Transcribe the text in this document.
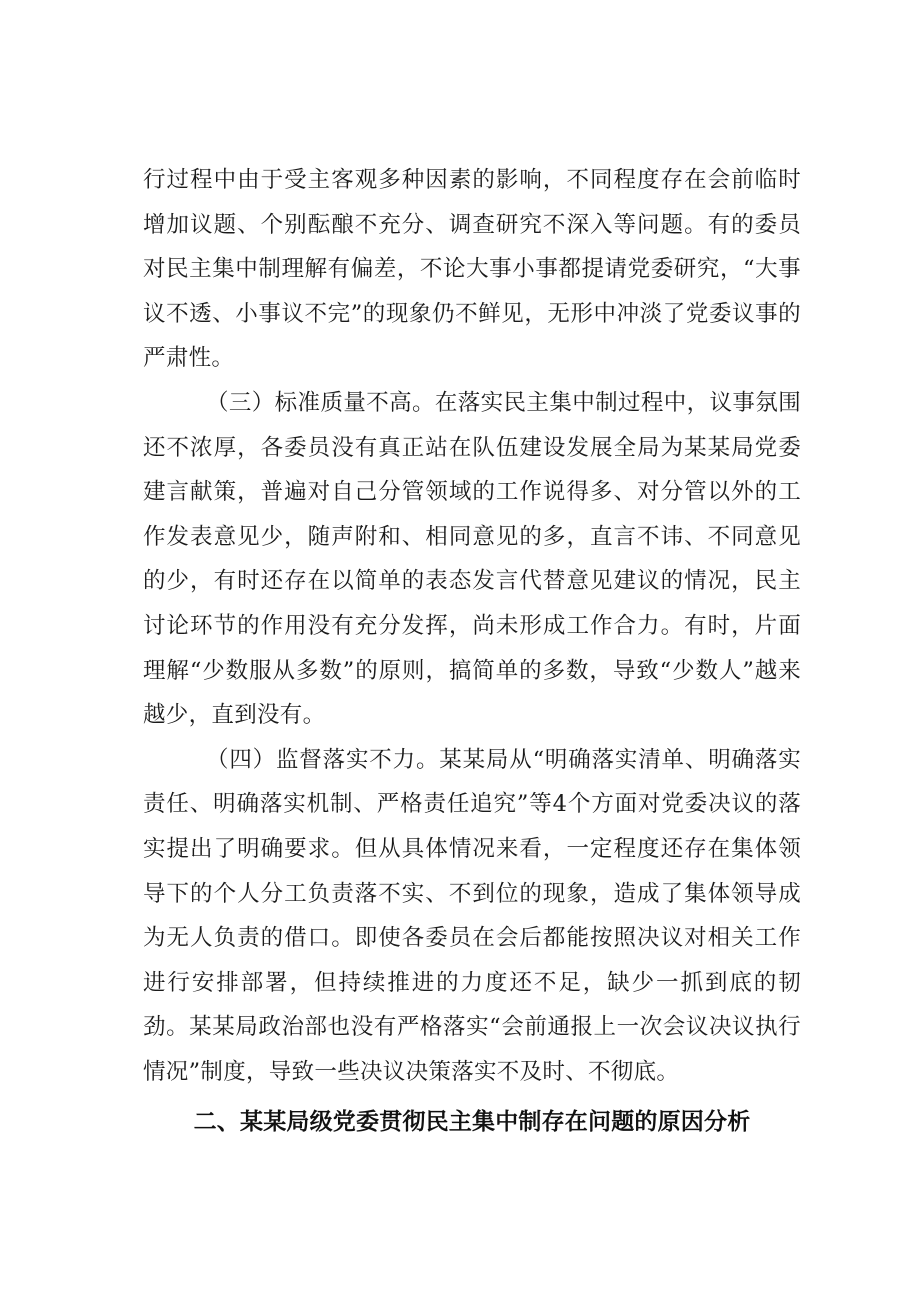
行过程中由于受主客观多种因素的影响，不同程度存在会前临时增加议题、个别酝酿不充分、调查研究不深入等问题。有的委员对民主集中制理解有偏差，不论大事小事都提请党委研究，“大事议不透、小事议不完”的现象仍不鲜见，无形中冲淡了党委议事的严肃性。

（三）标准质量不高。在落实民主集中制过程中，议事氛围还不浓厚，各委员没有真正站在队伍建设发展全局为某某局党委建言献策，普遍对自己分管领域的工作说得多、对分管以外的工作发表意见少，随声附和、相同意见的多，直言不讳、不同意见的少，有时还存在以简单的表态发言代替意见建议的情况，民主讨论环节的作用没有充分发挥，尚未形成工作合力。有时，片面理解“少数服从多数”的原则，搞简单的多数，导致“少数人”越来越少，直到没有。

（四）监督落实不力。某某局从“明确落实清单、明确落实责任、明确落实机制、严格责任追究”等4个方面对党委决议的落实提出了明确要求。但从具体情况来看，一定程度还存在集体领导下的个人分工负责落不实、不到位的现象，造成了集体领导成为无人负责的借口。即使各委员在会后都能按照决议对相关工作进行安排部署，但持续推进的力度还不足，缺少一抓到底的韧劲。某某局政治部也没有严格落实“会前通报上一次会议决议执行情况”制度，导致一些决议决策落实不及时、不彻底。

二、某某局级党委贯彻民主集中制存在问题的原因分析
